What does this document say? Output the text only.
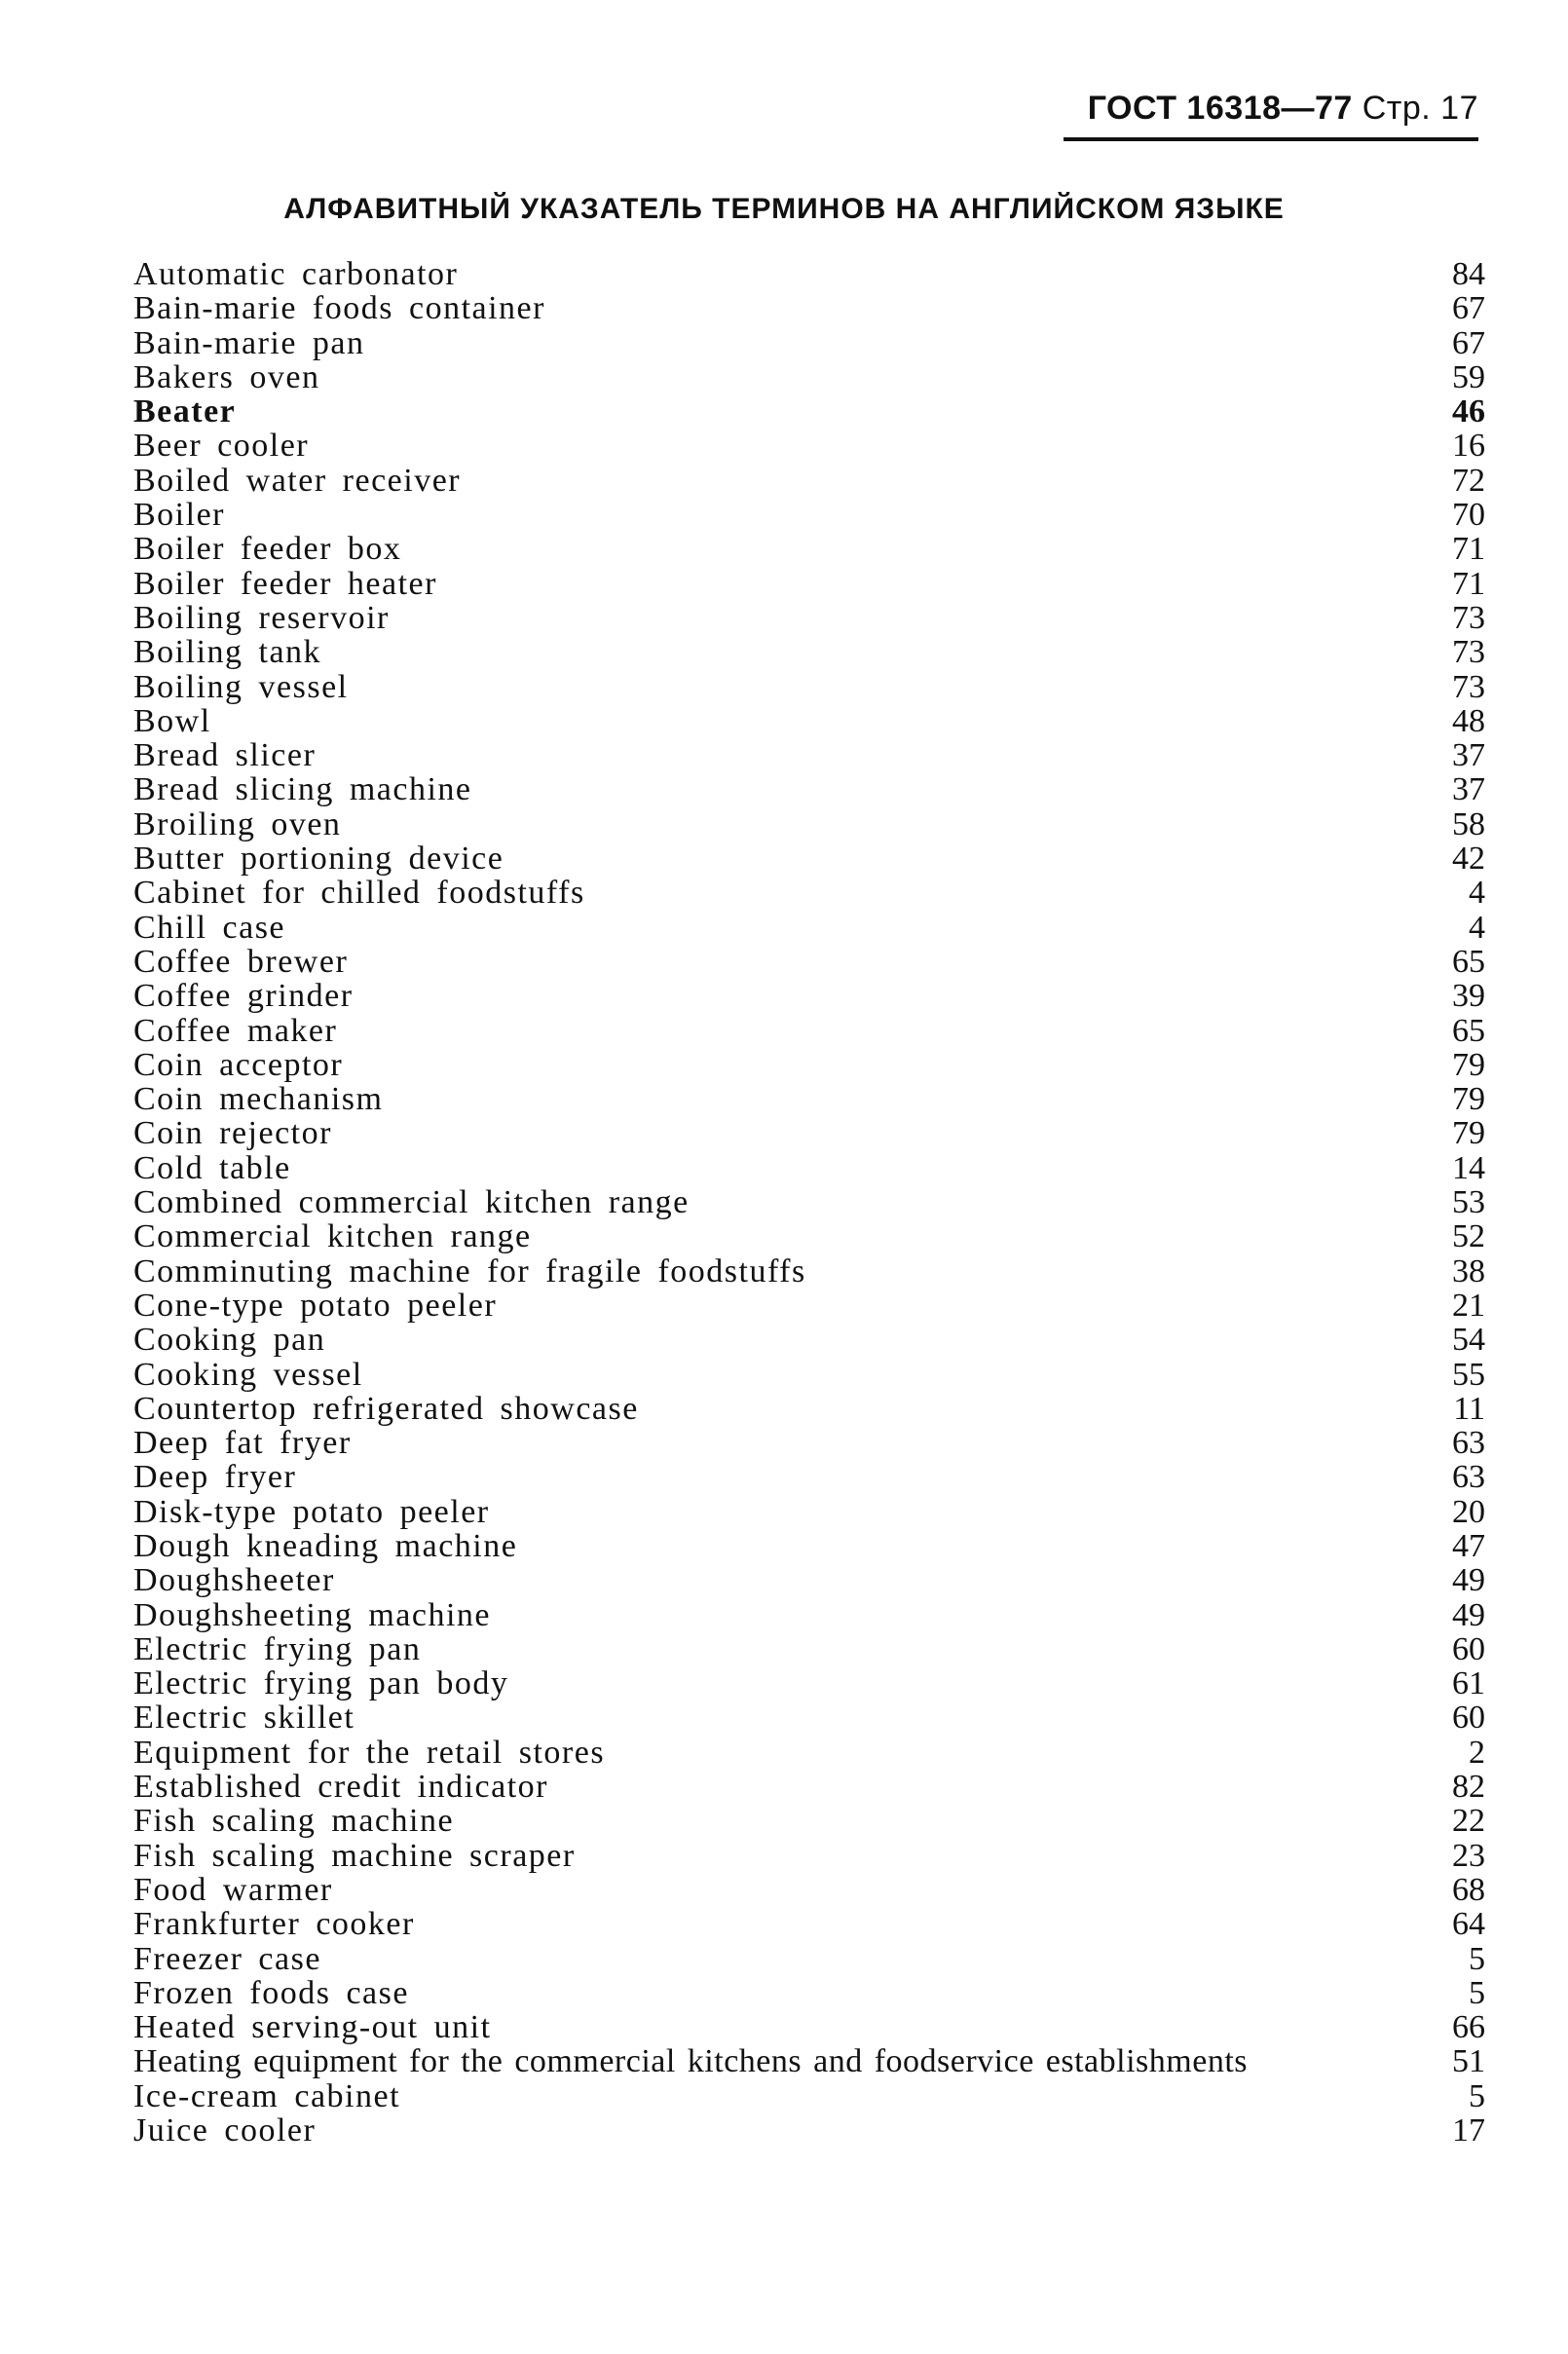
ГОСТ 16318—77 Стр. 17
АЛФАВИТНЫЙ УКАЗАТЕЛЬ ТЕРМИНОВ НА АНГЛИЙСКОМ ЯЗЫКЕ
Automatic carbonator	84
Bain-marie foods container	67
Bain-marie pan	67
Bakers oven	59
Beater	46
Beer cooler	16
Boiled water receiver	72
Boiler	70
Boiler feeder box	71
Boiler feeder heater	71
Boiling reservoir	73
Boiling tank	73
Boiling vessel	73
Bowl	48
Bread slicer	37
Bread slicing machine	37
Broiling oven	58
Butter portioning device	42
Cabinet for chilled foodstuffs	4
Chill case	4
Coffee brewer	65
Coffee grinder	39
Coffee maker	65
Coin acceptor	79
Coin mechanism	79
Coin rejector	79
Cold table	14
Combined commercial kitchen range	53
Commercial kitchen range	52
Comminuting machine for fragile foodstuffs	38
Cone-type potato peeler	21
Cooking pan	54
Cooking vessel	55
Countertop refrigerated showcase	11
Deep fat fryer	63
Deep fryer	63
Disk-type potato peeler	20
Dough kneading machine	47
Doughsheeter	49
Doughsheeting machine	49
Electric frying pan	60
Electric frying pan body	61
Electric skillet	60
Equipment for the retail stores	2
Established credit indicator	82
Fish scaling machine	22
Fish scaling machine scraper	23
Food warmer	68
Frankfurter cooker	64
Freezer case	5
Frozen foods case	5
Heated serving-out unit	66
Heating equipment for the commercial kitchens and foodservice establishments	51
Ice-cream cabinet	5
Juice cooler	17
